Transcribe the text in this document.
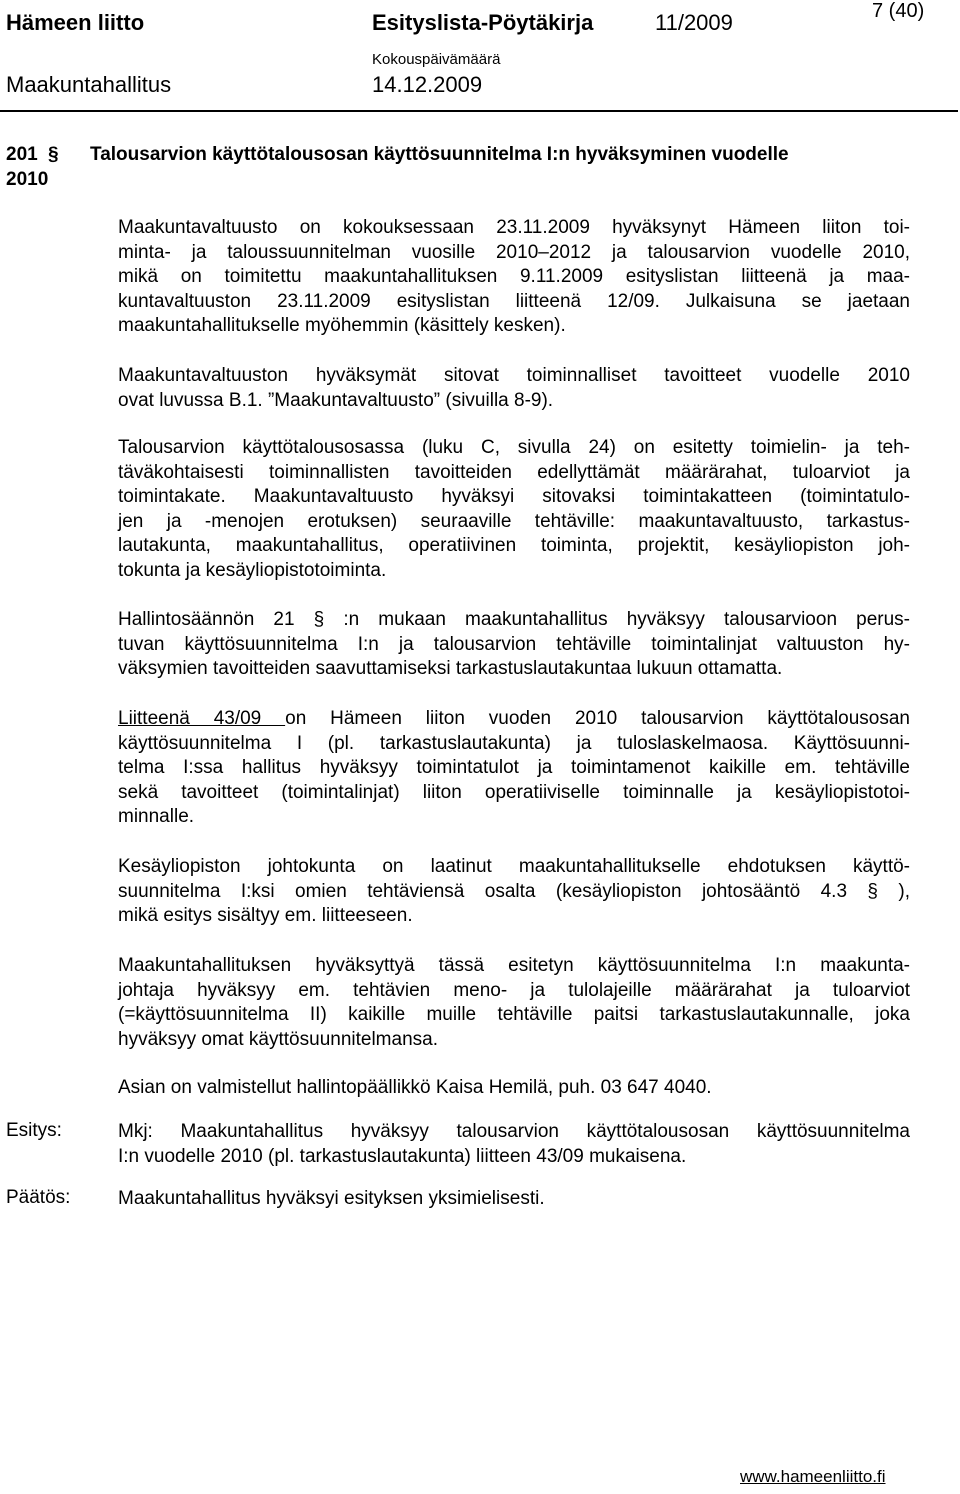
Hämeen liitto	Esityslista-Pöytäkirja	11/2009	7 (40)
Kokouspäivämäärä
Maakuntahallitus	14.12.2009
201 § Talousarvion käyttötalousosan käyttösuunnitelma I:n hyväksyminen vuodelle
2010
Maakuntavaltuusto on kokouksessaan 23.11.2009 hyväksynyt Hämeen liiton toi-
minta- ja taloussuunnitelman vuosille 2010–2012 ja talousarvion vuodelle 2010,
mikä on toimitettu maakuntahallituksen 9.11.2009 esityslistan liitteenä ja maa-
kuntavaltuuston 23.11.2009 esityslistan liitteenä 12/09. Julkaisuna se jaetaan
maakuntahallitukselle myöhemmin (käsittely kesken).
Maakuntavaltuuston hyväksymät sitovat toiminnalliset tavoitteet vuodelle 2010
ovat luvussa B.1. ”Maakuntavaltuusto” (sivuilla 8-9).
Talousarvion käyttötalousosassa (luku C, sivulla 24) on esitetty toimielin- ja teh-
täväkohtaisesti toiminnallisten tavoitteiden edellyttämät määrärahat, tuloarviot ja
toimintakate. Maakuntavaltuusto hyväksyi sitovaksi toimintakatteen (toimintatulo-
jen ja -menojen erotuksen) seuraaville tehtäville: maakuntavaltuusto, tarkastus-
lautakunta, maakuntahallitus, operatiivinen toiminta, projektit, kesäyliopiston joh-
tokunta ja kesäyliopistotoiminta.
Hallintosäännön 21 § :n mukaan maakuntahallitus hyväksyy talousarvioon perus-
tuvan käyttösuunnitelma I:n ja talousarvion tehtäville toimintalinjat valtuuston hy-
väksymien tavoitteiden saavuttamiseksi tarkastuslautakuntaa lukuun ottamatta.
Liitteenä 43/09 on Hämeen liiton vuoden 2010 talousarvion käyttötalousosan
käyttösuunnitelma I (pl. tarkastuslautakunta) ja tuloslaskelmaosa. Käyttösuunni-
telma I:ssa hallitus hyväksyy toimintatulot ja toimintamenot kaikille em. tehtäville
sekä tavoitteet (toimintalinjat) liiton operatiiviselle toiminnalle ja kesäyliopistotoi-
minnalle.
Kesäyliopiston johtokunta on laatinut maakuntahallitukselle ehdotuksen käyttö-
suunnitelma I:ksi omien tehtäviensä osalta (kesäyliopiston johtosääntö 4.3 § ),
mikä esitys sisältyy em. liitteeseen.
Maakuntahallituksen hyväksyttyä tässä esitetyn käyttösuunnitelma I:n maakunta-
johtaja hyväksyy em. tehtävien meno- ja tulolajeille määrärahat ja tuloarviot
(=käyttösuunnitelma II) kaikille muille tehtäville paitsi tarkastuslautakunnalle, joka
hyväksyy omat käyttösuunnitelmansa.
Asian on valmistellut hallintopäällikkö Kaisa Hemilä, puh. 03 647 4040.
Esitys:	Mkj: Maakuntahallitus hyväksyy talousarvion käyttötalousosan käyttösuunnitelma
I:n vuodelle 2010 (pl. tarkastuslautakunta) liitteen 43/09 mukaisena.
Päätös:	Maakuntahallitus hyväksyi esityksen yksimielisesti.
www.hameenliitto.fi
